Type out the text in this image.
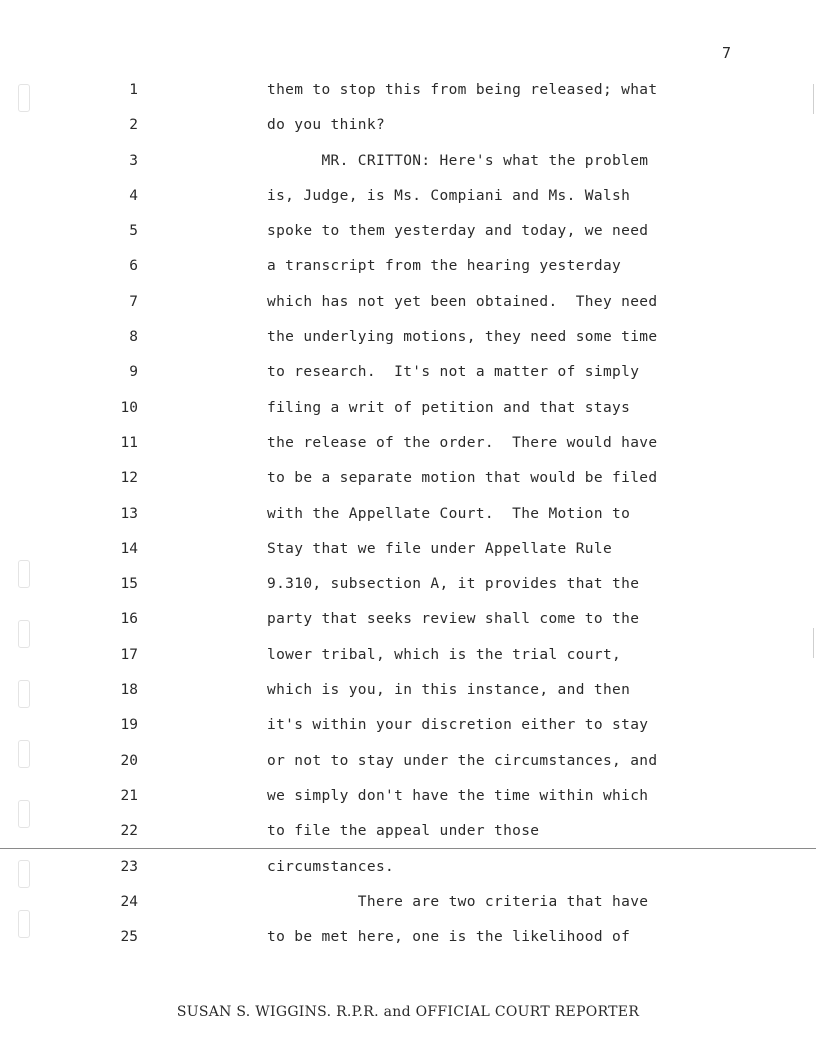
7
1	them to stop this from being released; what
2	do you think?
3	MR. CRITTON: Here's what the problem
4	is, Judge, is Ms. Compiani and Ms. Walsh
5	spoke to them yesterday and today, we need
6	a transcript from the hearing yesterday
7	which has not yet been obtained.  They need
8	the underlying motions, they need some time
9	to research.  It's not a matter of simply
10	filing a writ of petition and that stays
11	the release of the order.  There would have
12	to be a separate motion that would be filed
13	with the Appellate Court.  The Motion to
14	Stay that we file under Appellate Rule
15	9.310, subsection A, it provides that the
16	party that seeks review shall come to the
17	lower tribal, which is the trial court,
18	which is you, in this instance, and then
19	it's within your discretion either to stay
20	or not to stay under the circumstances, and
21	we simply don't have the time within which
22	to file the appeal under those
23	circumstances.
24	There are two criteria that have
25	to be met here, one is the likelihood of
SUSAN S. WIGGINS. R.P.R. and OFFICIAL COURT REPORTER
